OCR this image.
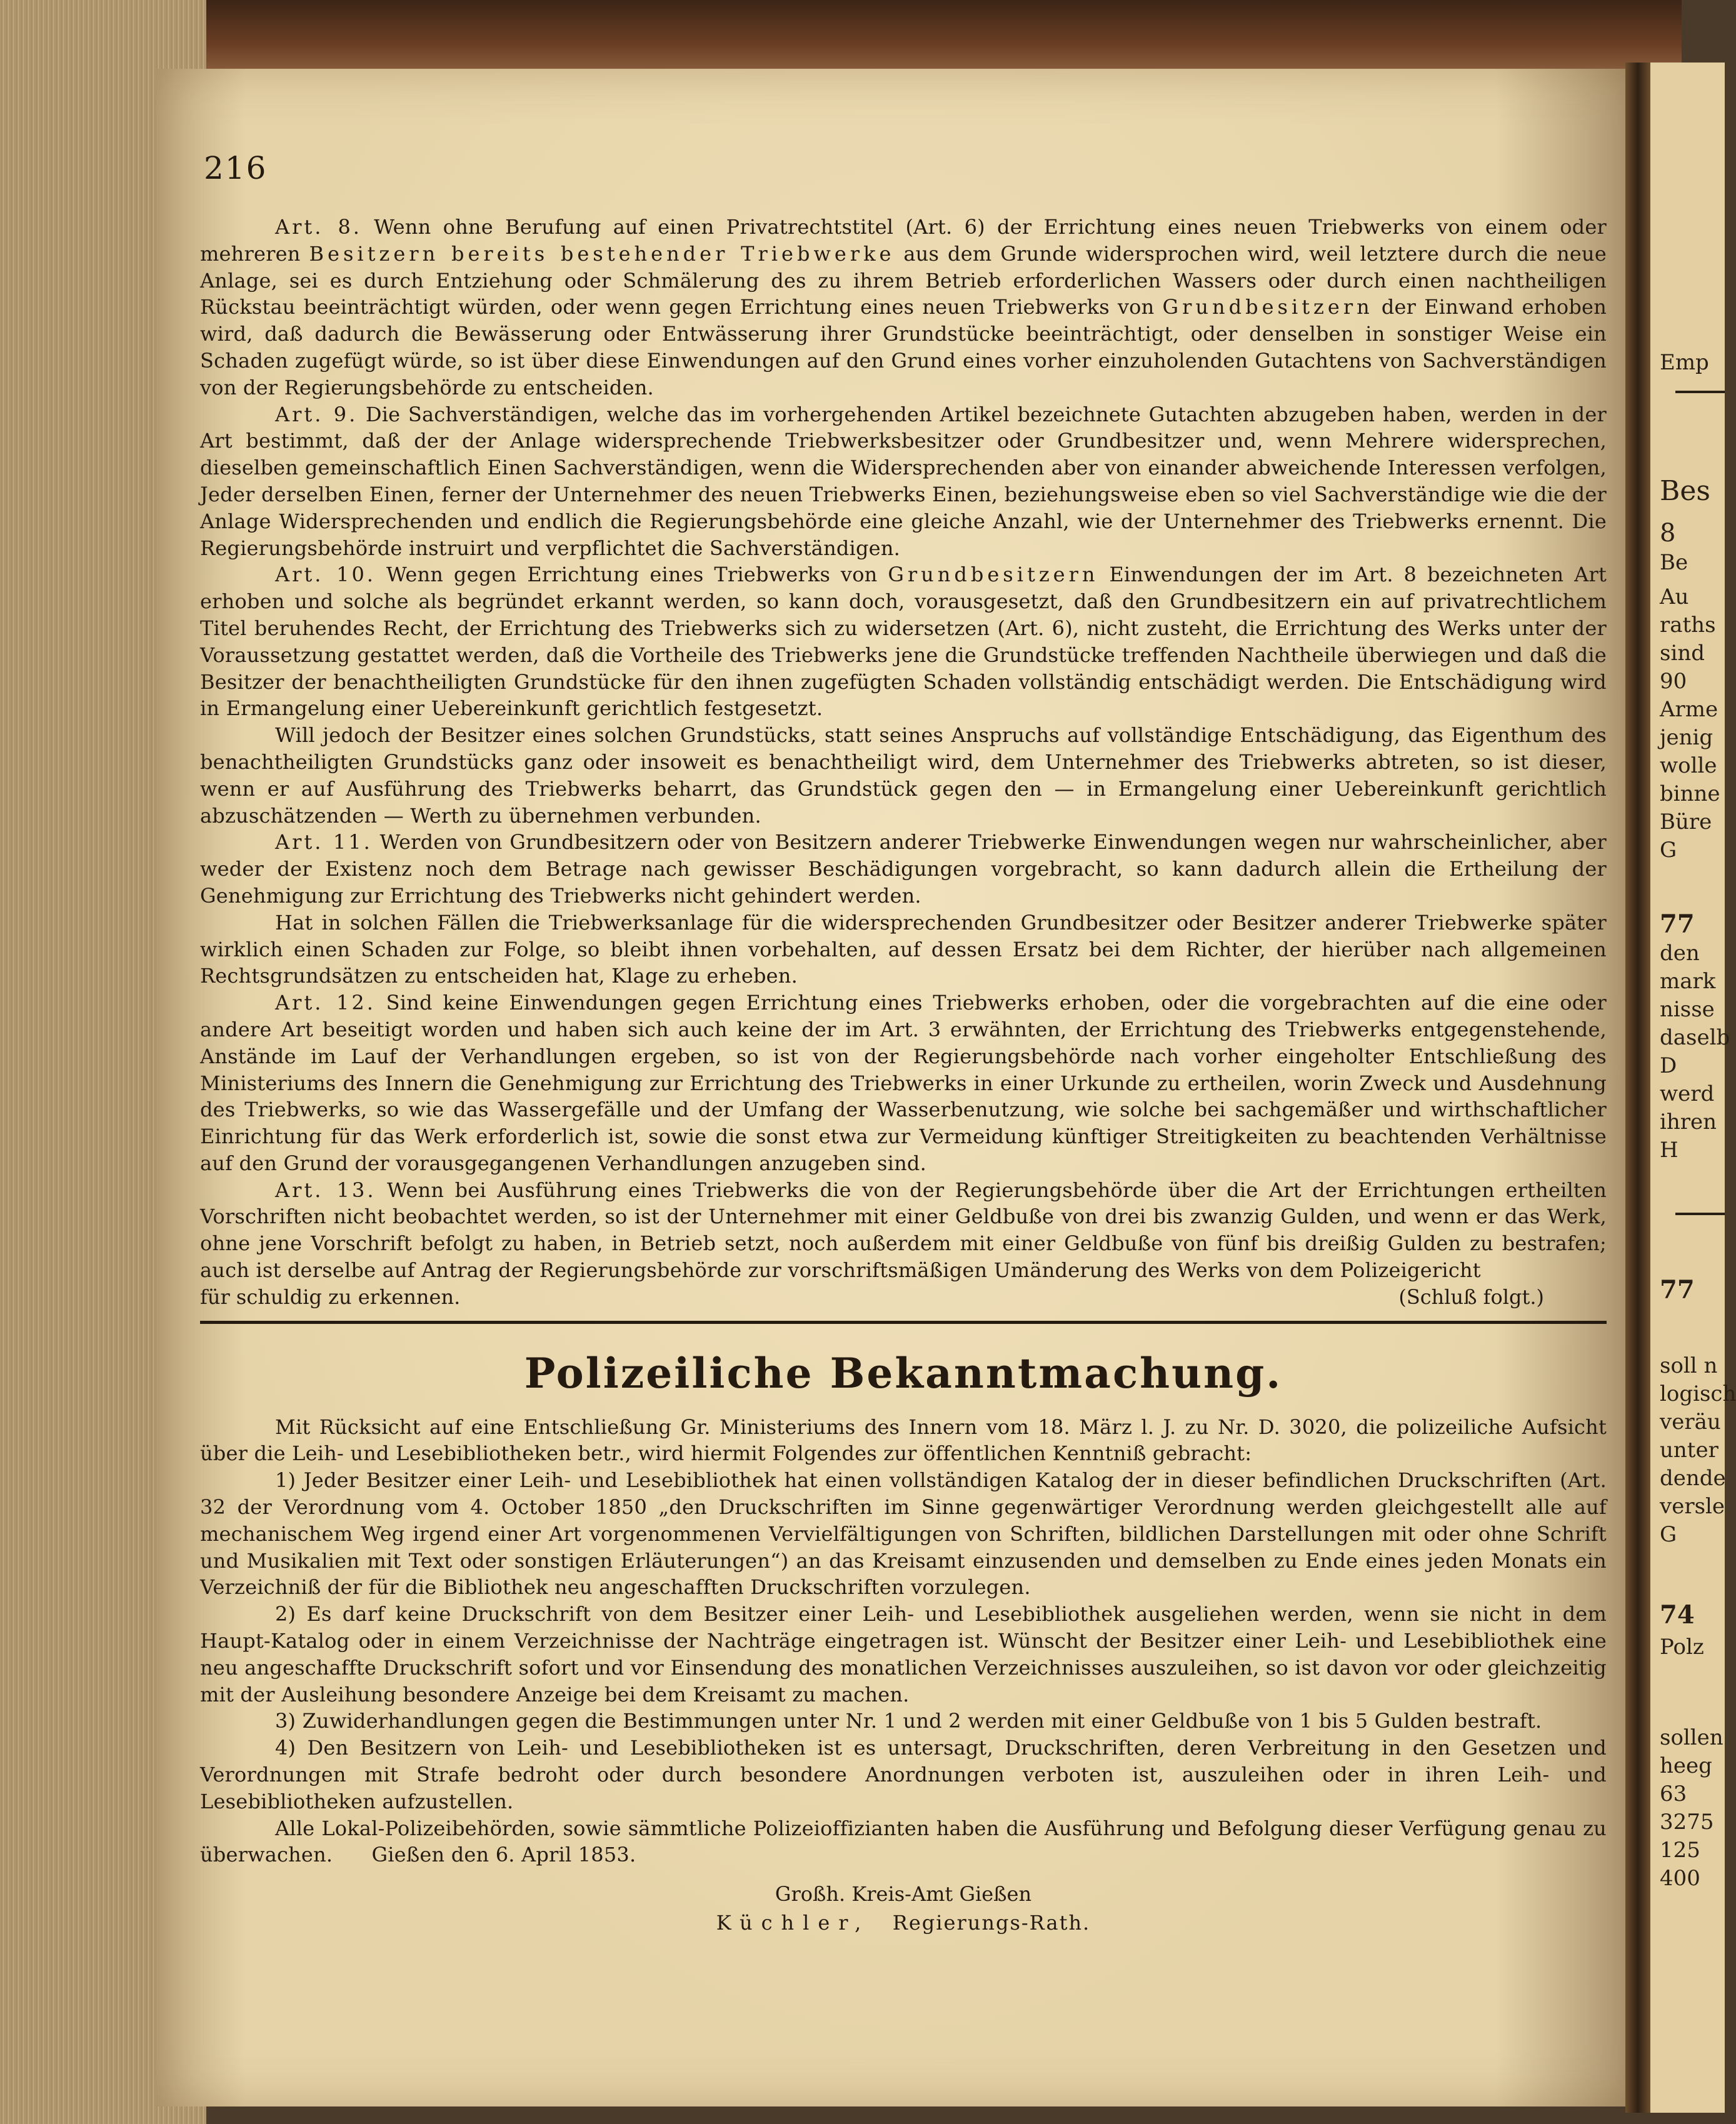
Emp
Bes
8
Be
Au
raths
sind
90
Arme
jenig
wolle
binne
Büre
G
77
den
mark
nisse
daselb
D
werd
ihren
H
77
soll n
logisch
veräu
unter
dende
versle
G
74
Polz
sollen
heeg
63
3275
125
400
216

Art. 8. Wenn ohne Berufung auf einen Privatrechtstitel (Art. 6) der Errichtung eines neuen Triebwerks von einem oder mehreren Besitzern bereits bestehender Triebwerke aus dem Grunde widersprochen wird, weil letztere durch die neue Anlage, sei es durch Entziehung oder Schmälerung des zu ihrem Betrieb erforderlichen Wassers oder durch einen nachtheiligen Rückstau beeinträchtigt würden, oder wenn gegen Errichtung eines neuen Triebwerks von Grundbesitzern der Einwand erhoben wird, daß dadurch die Bewässerung oder Entwässerung ihrer Grundstücke beeinträchtigt, oder denselben in sonstiger Weise ein Schaden zugefügt würde, so ist über diese Einwendungen auf den Grund eines vorher einzuholenden Gutachtens von Sachverständigen von der Regierungsbehörde zu entscheiden.

Art. 9. Die Sachverständigen, welche das im vorhergehenden Artikel bezeichnete Gutachten abzugeben haben, werden in der Art bestimmt, daß der der Anlage widersprechende Triebwerksbesitzer oder Grundbesitzer und, wenn Mehrere widersprechen, dieselben gemeinschaftlich Einen Sachverständigen, wenn die Widersprechenden aber von einander abweichende Interessen verfolgen, Jeder derselben Einen, ferner der Unternehmer des neuen Triebwerks Einen, beziehungsweise eben so viel Sachverständige wie die der Anlage Widersprechenden und endlich die Regierungsbehörde eine gleiche Anzahl, wie der Unternehmer des Triebwerks ernennt. Die Regierungsbehörde instruirt und verpflichtet die Sachverständigen.

Art. 10. Wenn gegen Errichtung eines Triebwerks von Grundbesitzern Einwendungen der im Art. 8 bezeichneten Art erhoben und solche als begründet erkannt werden, so kann doch, vorausgesetzt, daß den Grundbesitzern ein auf privatrechtlichem Titel beruhendes Recht, der Errichtung des Triebwerks sich zu widersetzen (Art. 6), nicht zusteht, die Errichtung des Werks unter der Voraussetzung gestattet werden, daß die Vortheile des Triebwerks jene die Grundstücke treffenden Nachtheile überwiegen und daß die Besitzer der benachtheiligten Grundstücke für den ihnen zugefügten Schaden vollständig entschädigt werden. Die Entschädigung wird in Ermangelung einer Uebereinkunft gerichtlich festgesetzt.

Will jedoch der Besitzer eines solchen Grundstücks, statt seines Anspruchs auf vollständige Entschädigung, das Eigenthum des benachtheiligten Grundstücks ganz oder insoweit es benachtheiligt wird, dem Unternehmer des Triebwerks abtreten, so ist dieser, wenn er auf Ausführung des Triebwerks beharrt, das Grundstück gegen den — in Ermangelung einer Uebereinkunft gerichtlich abzuschätzenden — Werth zu übernehmen verbunden.

Art. 11. Werden von Grundbesitzern oder von Besitzern anderer Triebwerke Einwendungen wegen nur wahrscheinlicher, aber weder der Existenz noch dem Betrage nach gewisser Beschädigungen vorgebracht, so kann dadurch allein die Ertheilung der Genehmigung zur Errichtung des Triebwerks nicht gehindert werden.

Hat in solchen Fällen die Triebwerksanlage für die widersprechenden Grundbesitzer oder Besitzer anderer Triebwerke später wirklich einen Schaden zur Folge, so bleibt ihnen vorbehalten, auf dessen Ersatz bei dem Richter, der hierüber nach allgemeinen Rechtsgrundsätzen zu entscheiden hat, Klage zu erheben.

Art. 12. Sind keine Einwendungen gegen Errichtung eines Triebwerks erhoben, oder die vorgebrachten auf die eine oder andere Art beseitigt worden und haben sich auch keine der im Art. 3 erwähnten, der Errichtung des Triebwerks entgegenstehende, Anstände im Lauf der Verhandlungen ergeben, so ist von der Regierungsbehörde nach vorher eingeholter Entschließung des Ministeriums des Innern die Genehmigung zur Errichtung des Triebwerks in einer Urkunde zu ertheilen, worin Zweck und Ausdehnung des Triebwerks, so wie das Wassergefälle und der Umfang der Wasserbenutzung, wie solche bei sachgemäßer und wirthschaftlicher Einrichtung für das Werk erforderlich ist, sowie die sonst etwa zur Vermeidung künftiger Streitigkeiten zu beachtenden Verhältnisse auf den Grund der vorausgegangenen Verhandlungen anzugeben sind.

Art. 13. Wenn bei Ausführung eines Triebwerks die von der Regierungsbehörde über die Art der Errichtungen ertheilten Vorschriften nicht beobachtet werden, so ist der Unternehmer mit einer Geldbuße von drei bis zwanzig Gulden, und wenn er das Werk, ohne jene Vorschrift befolgt zu haben, in Betrieb setzt, noch außerdem mit einer Geldbuße von fünf bis dreißig Gulden zu bestrafen; auch ist derselbe auf Antrag der Regierungsbehörde zur vorschriftsmäßigen Umänderung des Werks von dem Polizeigericht

für schuldig zu erkennen.	(Schluß folgt.)
Polizeiliche Bekanntmachung.

Mit Rücksicht auf eine Entschließung Gr. Ministeriums des Innern vom 18. März l. J. zu Nr. D. 3020, die polizeiliche Aufsicht über die Leih- und Lesebibliotheken betr., wird hiermit Folgendes zur öffentlichen Kenntniß gebracht:

1) Jeder Besitzer einer Leih- und Lesebibliothek hat einen vollständigen Katalog der in dieser befindlichen Druckschriften (Art. 32 der Verordnung vom 4. October 1850 „den Druckschriften im Sinne gegenwärtiger Verordnung werden gleichgestellt alle auf mechanischem Weg irgend einer Art vorgenommenen Vervielfältigungen von Schriften, bildlichen Darstellungen mit oder ohne Schrift und Musikalien mit Text oder sonstigen Erläuterungen“) an das Kreisamt einzusenden und demselben zu Ende eines jeden Monats ein Verzeichniß der für die Bibliothek neu angeschafften Druckschriften vorzulegen.

2) Es darf keine Druckschrift von dem Besitzer einer Leih- und Lesebibliothek ausgeliehen werden, wenn sie nicht in dem Haupt-Katalog oder in einem Verzeichnisse der Nachträge eingetragen ist. Wünscht der Besitzer einer Leih- und Lesebibliothek eine neu angeschaffte Druckschrift sofort und vor Einsendung des monatlichen Verzeichnisses auszuleihen, so ist davon vor oder gleichzeitig mit der Ausleihung besondere Anzeige bei dem Kreisamt zu machen.

3) Zuwiderhandlungen gegen die Bestimmungen unter Nr. 1 und 2 werden mit einer Geldbuße von 1 bis 5 Gulden bestraft.

4) Den Besitzern von Leih- und Lesebibliotheken ist es untersagt, Druckschriften, deren Verbreitung in den Gesetzen und Verordnungen mit Strafe bedroht oder durch besondere Anordnungen verboten ist, auszuleihen oder in ihren Leih- und Lesebibliotheken aufzustellen.

Alle Lokal-Polizeibehörden, sowie sämmtliche Polizeioffizianten haben die Ausführung und Befolgung dieser Verfügung genau zu überwachen. Gießen den 6. April 1853.

Großh. Kreis-Amt Gießen
Küchler, Regierungs-Rath.
